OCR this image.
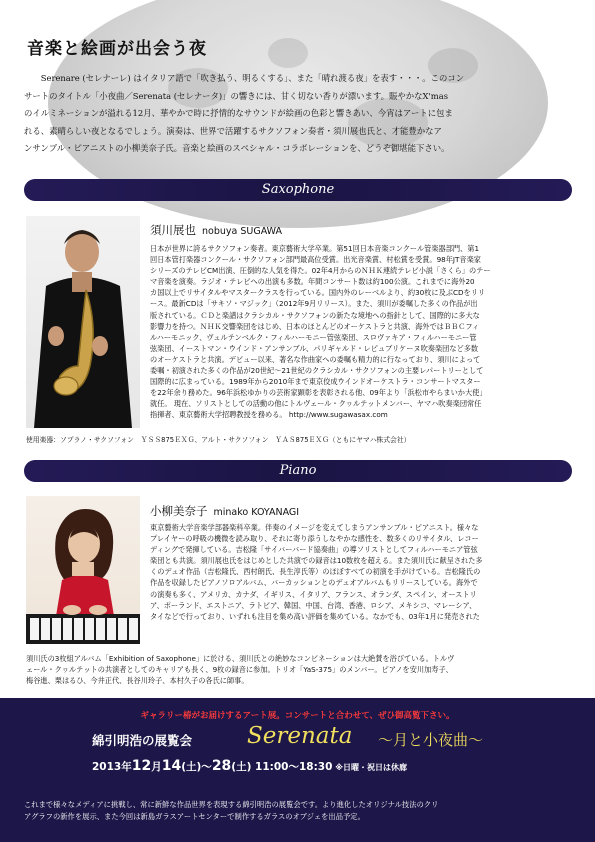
音楽と絵画が出会う夜
　　Serenare (セレナーレ) はイタリア語で「吹き払う、明るくする」、また「晴れ渡る夜」を表す・・・。このコン
サートのタイトル「小夜曲／Serenata (セレナータ)」の響きには、甘く切ない香りが漂います。賑やかなX'mas
のイルミネーションが溢れる12月、華やかで時に抒情的なサウンドが絵画の色彩と響きあい、今宵はアートに包ま
れる、素晴らしい夜となるでしょう。演奏は、世界で活躍するサクソフォン奏者・須川展也氏と、才能豊かなア
ンサンブル・ピアニストの小柳美奈子氏。音楽と絵画のスペシャル・コラボレーションを、どうぞ御堪能下さい。
Saxophone
須川展也 nobuya SUGAWA
日本が世界に誇るサクソフォン奏者。東京藝術大学卒業。第51回日本音楽コンクール管楽器部門、第1
回日本管打楽器コンクール・サクソフォン部門最高位受賞。出光音楽賞、村松賞を受賞。98年JT音楽家
シリーズのテレビCM出演、圧倒的な人気を得た。02年4月からのＮＨＫ連続テレビ小説「さくら」のテー
マ音楽を演奏。ラジオ・テレビへの出演も多数。年間コンサート数は約100公演。これまでに海外20
カ国以上でリサイタルやマスタークラスを行っている。国内外のレーベルより、約30枚に及ぶCDをリリ
ース。最新CDは「サキソ・マジック」（2012年9月リリース）。また、須川が委嘱した多くの作品が出
版されている。ＣＤと楽譜はクラシカル・サクソフォンの新たな境地への指針として、国際的に多大な
影響力を持つ。ＮＨＫ交響楽団をはじめ、日本のほとんどのオーケストラと共演、海外ではＢＢＣフィ
ルハーモニック、ヴュルテンベルク・フィルハーモニー管弦楽団、スロヴァキア・フィルハーモニー管
弦楽団、イーストマン・ウインド・アンサンブル、パリギャルド・レピュブリケーヌ吹奏楽団など多数
のオーケストラと共演。デビュー以来、著名な作曲家への委嘱も精力的に行なっており、須川によって
委嘱・初演された多くの作品が20世紀～21世紀のクラシカル・サクソフォンの主要レパートリーとして
国際的に広まっている。1989年から2010年まで東京佼成ウインドオーケストラ・コンサートマスター
を22年余り務めた。96年浜松ゆかりの芸術家顕彰を表彰される他、09年より「浜松市やらまいか大使」
就任。 現在、ソリストとしての活動の他にトルヴェール・クヮルテットメンバー、ヤマハ吹奏楽団常任
指揮者、東京藝術大学招聘教授を務める。 http://www.sugawasax.com
使用楽器：ソプラノ・サクソフォン　ＹＳＳ875ＥＸＧ、アルト・サクソフォン　ＹＡＳ875ＥＸＧ（ともにヤマハ株式会社）
Piano
小柳美奈子 minako KOYANAGI
東京藝術大学音楽学部器楽科卒業。伴奏のイメージを変えてしまうアンサンブル・ピアニスト。様々な
プレイヤーの呼吸の機微を読み取り、それに寄り添うしなやかな感性を、数多くのリサイタル、レコー
ディングで発揮している。吉松隆「サイバーバード協奏曲」の導ソリストとしてフィルハーモニア管弦
楽団とも共演。須川展也氏をはじめとした共演での録音は10数枚を超える。また須川氏に献呈された多
くのデュオ作品（吉松隆氏、西村朗氏、長生淳氏等）のほぼすべての初演を手がけている。吉松隆氏の
作品を収録したピアノソロアルバム、バーカッションとのデュオアルバムもリリースしている。海外で
の演奏も多く、アメリカ、カナダ、イギリス、イタリア、フランス、オランダ、スペイン、オーストリ
ア、ポーランド、エストニア、ラトビア、韓国、中国、台湾、香港、ロシア、メキシコ、マレーシア、
タイなどで行っており、いずれも注目を集め高い評価を集めている。なかでも、03年1月に発売された
須川氏の3枚組アルバム「Exhibition of Saxophone」に於ける、須川氏との絶妙なコンビネーションは大絶賛を浴びている。トルヴ
ェール・クヮルテットの共演者としてのキャリアも長く、9枚の録音に参加。トリオ「YaS-375」のメンバー。ピアノを安川加寿子、
梅谷進、栗はるひ、今井正代、長谷川玲子、本村久子の各氏に師事。
ギャラリー椿がお届けするアート展。コンサートと合わせて、ぜひ御高覧下さい。
綿引明浩の展覧会 Serenata ～月と小夜曲～
2013年12月14(土)～28(土) 11:00～18:30 ※日曜・祝日は休廊
これまで様々なメディアに挑戦し、常に新鮮な作品世界を表現する綿引明浩の展覧会です。より進化したオリジナル技法のクリ
アグラフの新作を展示、また今回は新島ガラスアートセンターで制作するガラスのオブジェを出品予定。
